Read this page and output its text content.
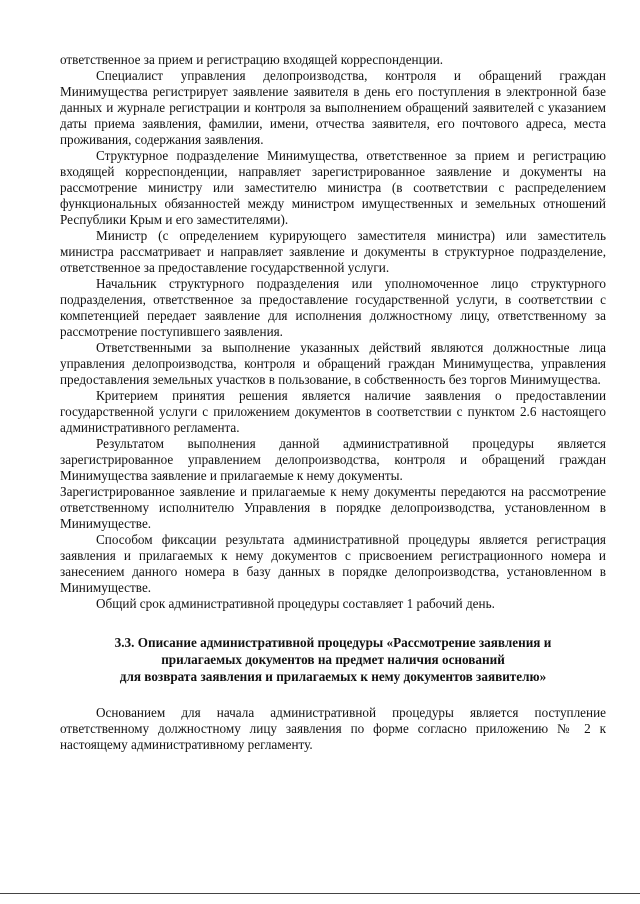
ответственное за прием и регистрацию входящей корреспонденции.

Специалист управления делопроизводства, контроля и обращений граждан Минимущества регистрирует заявление заявителя в день его поступления в электронной базе данных и журнале регистрации и контроля за выполнением обращений заявителей с указанием даты приема заявления, фамилии, имени, отчества заявителя, его почтового адреса, места проживания, содержания заявления.

Структурное подразделение Минимущества, ответственное за прием и регистрацию входящей корреспонденции, направляет зарегистрированное заявление и документы на рассмотрение министру или заместителю министра (в соответствии с распределением функциональных обязанностей между министром имущественных и земельных отношений Республики Крым и его заместителями).

Министр (с определением курирующего заместителя министра) или заместитель министра рассматривает и направляет заявление и документы в структурное подразделение, ответственное за предоставление государственной услуги.

Начальник структурного подразделения или уполномоченное лицо структурного подразделения, ответственное за предоставление государственной услуги, в соответствии с компетенцией передает заявление для исполнения должностному лицу, ответственному за рассмотрение поступившего заявления.

Ответственными за выполнение указанных действий являются должностные лица управления делопроизводства, контроля и обращений граждан Минимущества, управления предоставления земельных участков в пользование, в собственность без торгов Минимущества.

Критерием принятия решения является наличие заявления о предоставлении государственной услуги с приложением документов в соответствии с пунктом 2.6 настоящего административного регламента.

Результатом выполнения данной административной процедуры является зарегистрированное управлением делопроизводства, контроля и обращений граждан Минимущества заявление и прилагаемые к нему документы.

Зарегистрированное заявление и прилагаемые к нему документы передаются на рассмотрение ответственному исполнителю Управления в порядке делопроизводства, установленном в Минимуществе.

Способом фиксации результата административной процедуры является регистрация заявления и прилагаемых к нему документов с присвоением регистрационного номера и занесением данного номера в базу данных в порядке делопроизводства, установленном в Минимуществе.

Общий срок административной процедуры составляет 1 рабочий день.

3.3. Описание административной процедуры «Рассмотрение заявления и
прилагаемых документов на предмет наличия оснований
для возврата заявления и прилагаемых к нему документов заявителю»

Основанием для начала административной процедуры является поступление ответственному должностному лицу заявления по форме согласно приложению № 2 к настоящему административному регламенту.
